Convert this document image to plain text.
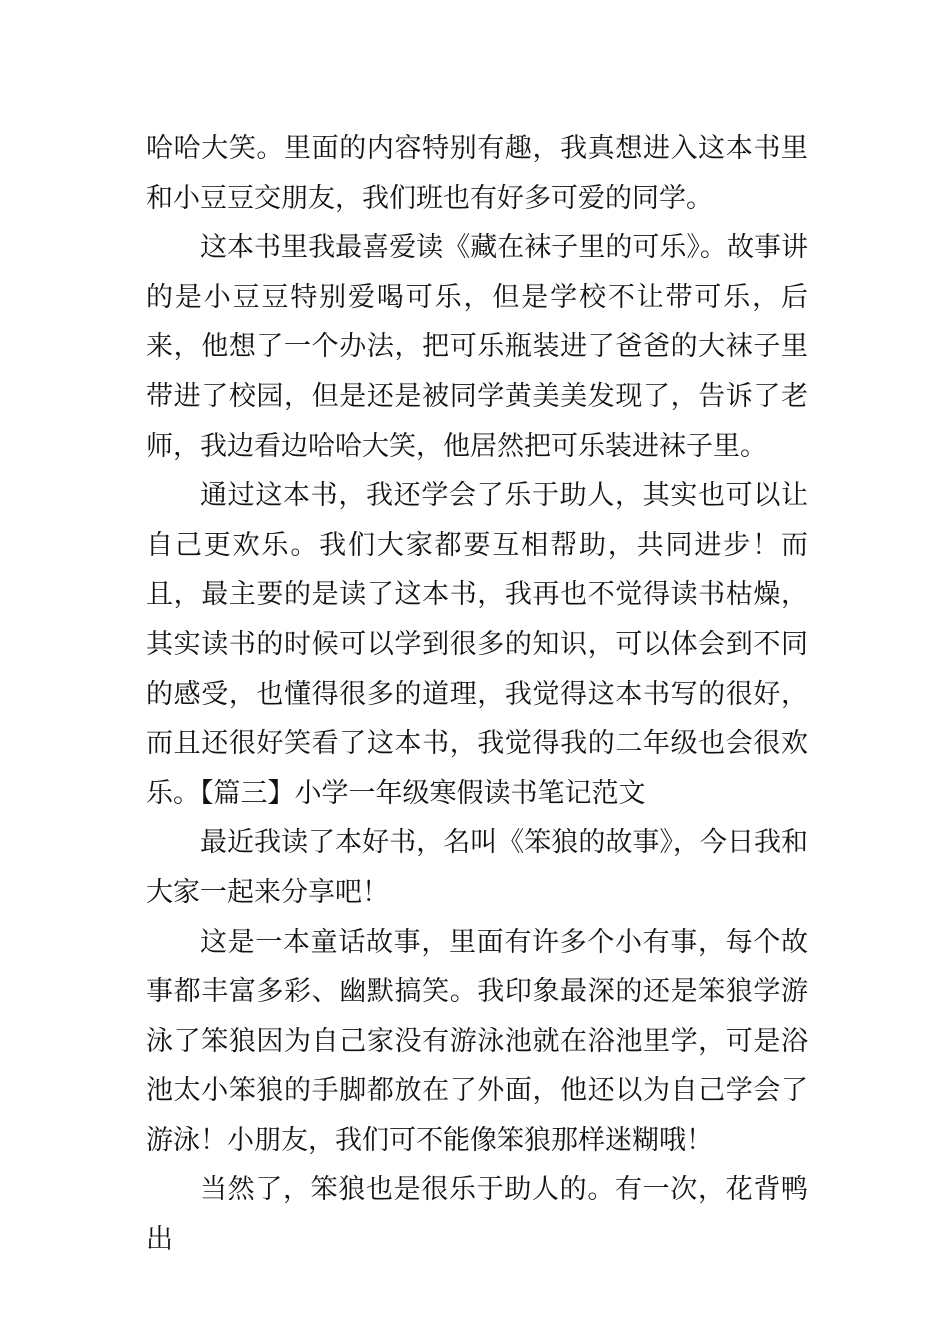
哈哈大笑。里面的内容特别有趣，我真想进入这本书里和小豆豆交朋友，我们班也有好多可爱的同学。

这本书里我最喜爱读《藏在袜子里的可乐》。故事讲的是小豆豆特别爱喝可乐，但是学校不让带可乐，后来，他想了一个办法，把可乐瓶装进了爸爸的大袜子里带进了校园，但是还是被同学黄美美发现了，告诉了老师，我边看边哈哈大笑，他居然把可乐装进袜子里。

通过这本书，我还学会了乐于助人，其实也可以让自己更欢乐。我们大家都要互相帮助，共同进步！而且，最主要的是读了这本书，我再也不觉得读书枯燥，其实读书的时候可以学到很多的知识，可以体会到不同的感受，也懂得很多的道理，我觉得这本书写的很好，而且还很好笑看了这本书，我觉得我的二年级也会很欢乐。【篇三】小学一年级寒假读书笔记范文

最近我读了本好书，名叫《笨狼的故事》，今日我和大家一起来分享吧！

这是一本童话故事，里面有许多个小有事，每个故事都丰富多彩、幽默搞笑。我印象最深的还是笨狼学游泳了笨狼因为自己家没有游泳池就在浴池里学，可是浴池太小笨狼的手脚都放在了外面，他还以为自己学会了游泳！小朋友，我们可不能像笨狼那样迷糊哦！

当然了，笨狼也是很乐于助人的。有一次，花背鸭出
